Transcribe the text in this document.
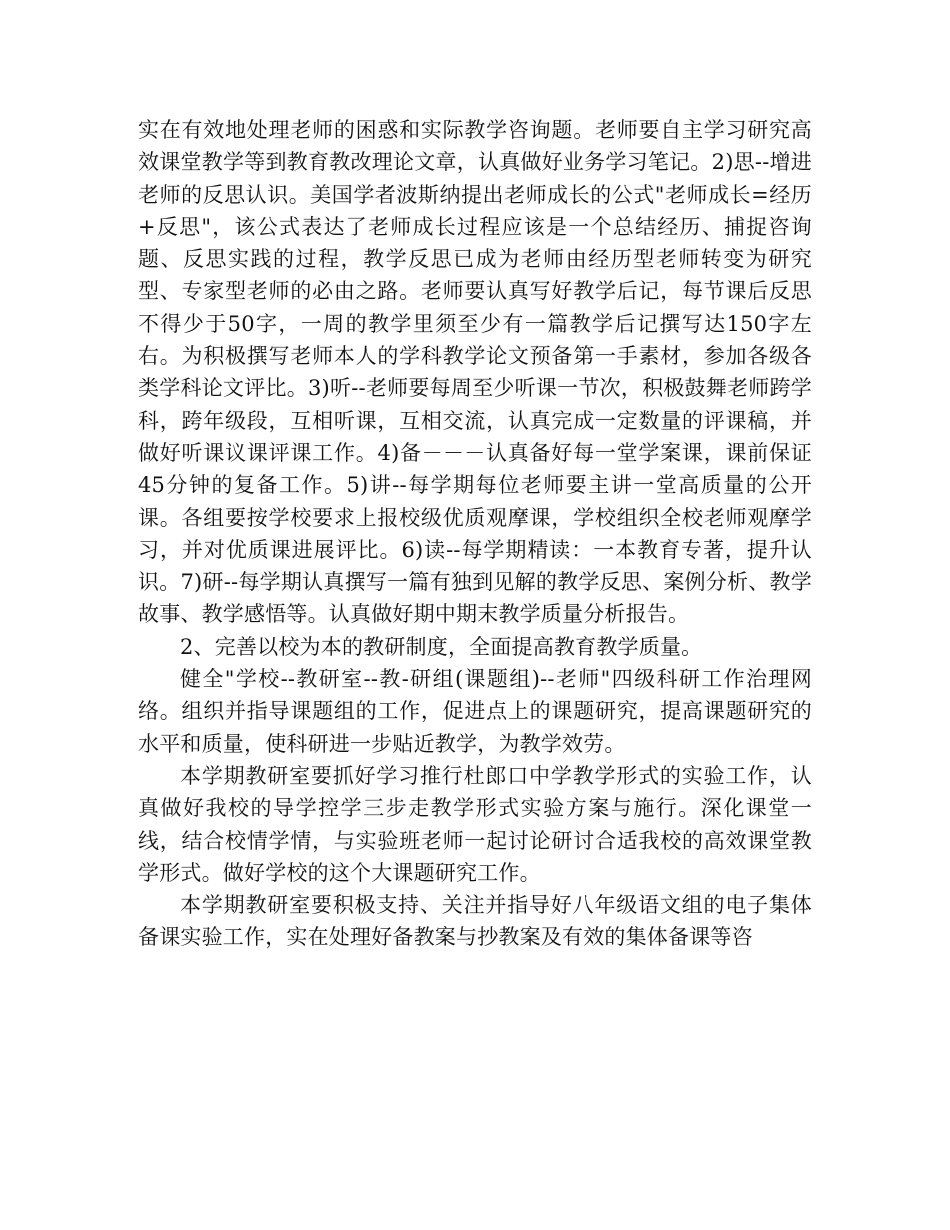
实在有效地处理老师的困惑和实际教学咨询题。老师要自主学习研究高效课堂教学等到教育教改理论文章，认真做好业务学习笔记。2)思--增进老师的反思认识。美国学者波斯纳提出老师成长的公式"老师成长=经历+反思"，该公式表达了老师成长过程应该是一个总结经历、捕捉咨询题、反思实践的过程，教学反思已成为老师由经历型老师转变为研究型、专家型老师的必由之路。老师要认真写好教学后记，每节课后反思不得少于50字，一周的教学里须至少有一篇教学后记撰写达150字左右。为积极撰写老师本人的学科教学论文预备第一手素材，参加各级各类学科论文评比。3)听--老师要每周至少听课一节次，积极鼓舞老师跨学科，跨年级段，互相听课，互相交流，认真完成一定数量的评课稿，并做好听课议课评课工作。4)备－－－认真备好每一堂学案课，课前保证45分钟的复备工作。5)讲--每学期每位老师要主讲一堂高质量的公开课。各组要按学校要求上报校级优质观摩课，学校组织全校老师观摩学习，并对优质课进展评比。6)读--每学期精读：一本教育专著，提升认识。7)研--每学期认真撰写一篇有独到见解的教学反思、案例分析、教学故事、教学感悟等。认真做好期中期末教学质量分析报告。

2、完善以校为本的教研制度，全面提高教育教学质量。

健全"学校--教研室--教-研组(课题组)--老师"四级科研工作治理网络。组织并指导课题组的工作，促进点上的课题研究，提高课题研究的水平和质量，使科研进一步贴近教学，为教学效劳。

本学期教研室要抓好学习推行杜郎口中学教学形式的实验工作，认真做好我校的导学控学三步走教学形式实验方案与施行。深化课堂一线，结合校情学情，与实验班老师一起讨论研讨合适我校的高效课堂教学形式。做好学校的这个大课题研究工作。

本学期教研室要积极支持、关注并指导好八年级语文组的电子集体备课实验工作，实在处理好备教案与抄教案及有效的集体备课等咨
